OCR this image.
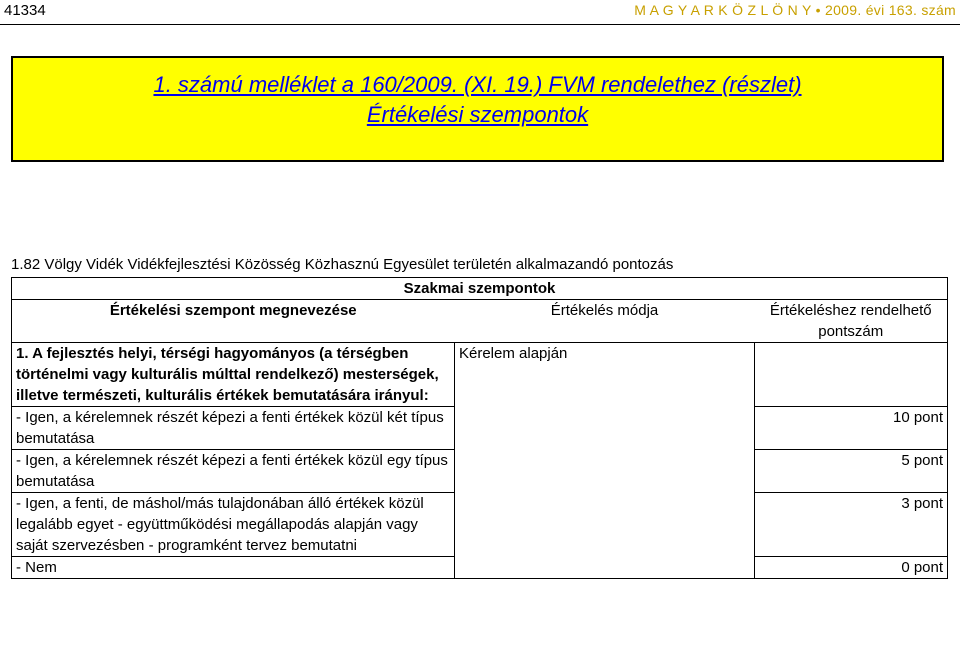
41334	M A G Y A R K Ö Z L Ö N Y • 2009. évi 163. szám
1. számú melléklet a 160/2009. (XI. 19.) FVM rendelethez (részlet)
Értékelési szempontok
1.82 Völgy Vidék Vidékfejlesztési Közösség Közhasznú Egyesület területén alkalmazandó pontozás
Szakmai szempontok		
Értékelési szempont megnevezése	Értékelés módja	Értékeléshez rendelhető pontszám
1. A fejlesztés helyi, térségi hagyományos (a térségben történelmi vagy kulturális múlttal rendelkező) mesterségek, illetve természeti, kulturális értékek bemutatására irányul:	Kérelem alapján	
- Igen, a kérelemnek részét képezi a fenti értékek közül két típus bemutatása		10 pont
- Igen, a kérelemnek részét képezi a fenti értékek közül egy típus bemutatása		5 pont
- Igen, a fenti, de máshol/más tulajdonában álló értékek közül legalább egyet - együttműködési megállapodás alapján vagy saját szervezésben - programként tervez bemutatni		3 pont
- Nem		0 pont
